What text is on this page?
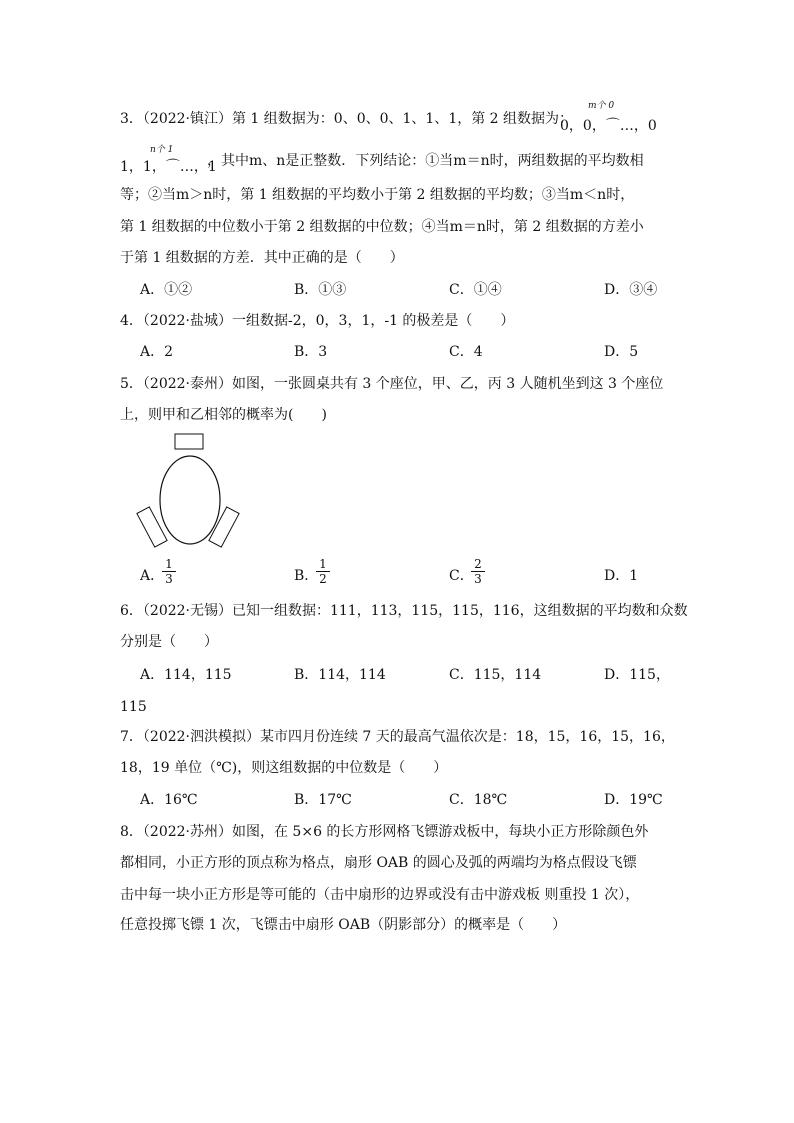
3．（2022·镇江）第 1 组数据为：0、0、0、1、1、1，第 2 组数据为：
m个 0
0，0，⌒…，0
n个 1
1，1，⌒…，1
，其中m、n是正整数．下列结论：①当m＝n时，两组数据的平均数相
等；②当m＞n时，第 1 组数据的平均数小于第 2 组数据的平均数；③当m＜n时，
第 1 组数据的中位数小于第 2 组数据的中位数；④当m＝n时，第 2 组数据的方差小
于第 1 组数据的方差．其中正确的是（　　）
A．①②	B．①③	C．①④	D．③④
4．（2022·盐城）一组数据-2，0，3，1，-1 的极差是（　　）
A．2	B．3	C．4	D．5
5．（2022·泰州）如图，一张圆桌共有 3 个座位，甲、乙，丙 3 人随机坐到这 3 个座位
上，则甲和乙相邻的概率为(　　)
A．
1
3	B．
1
2	C．
2
3	D．1
6．（2022·无锡）已知一组数据：111，113，115，115，116，这组数据的平均数和众数
分别是（　　）
A．114，115	B．114，114	C．115，114	D．115，
115
7．（2022·泗洪模拟）某市四月份连续 7 天的最高气温依次是：18，15，16，15，16，
18，19 单位（℃)，则这组数据的中位数是（　　）
A．16℃	B．17℃	C．18℃	D．19℃
8．（2022·苏州）如图，在 5×6 的长方形网格飞镖游戏板中，每块小正方形除颜色外
都相同，小正方形的顶点称为格点，扇形 OAB 的圆心及弧的两端均为格点假设飞镖
击中每一块小正方形是等可能的（击中扇形的边界或没有击中游戏板 则重投 1 次），
任意投掷飞镖 1 次，飞镖击中扇形 OAB（阴影部分）的概率是（　　）
